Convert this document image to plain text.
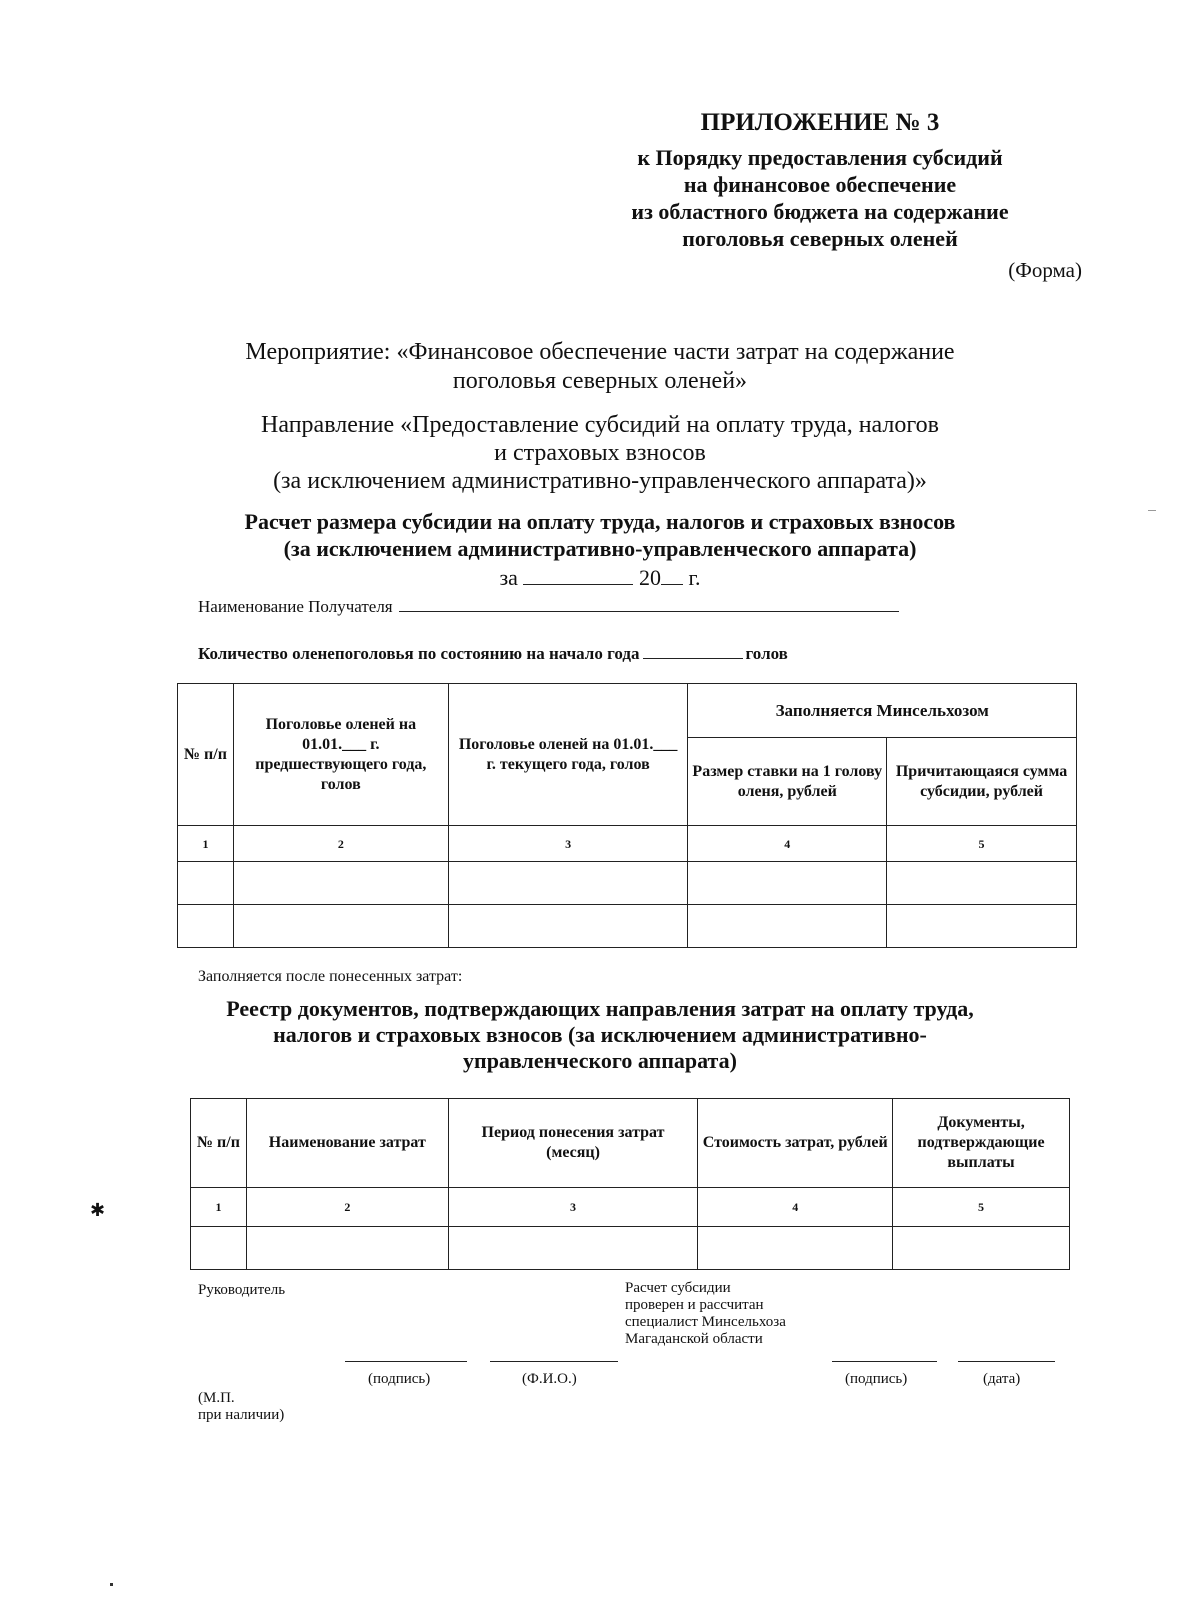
ПРИЛОЖЕНИЕ № 3
к Порядку предоставления субсидий
на финансовое обеспечение
из областного бюджета на содержание
поголовья северных оленей
(Форма)
Мероприятие: «Финансовое обеспечение части затрат на содержание
поголовья северных оленей»
Направление «Предоставление субсидий на оплату труда, налогов
и страховых взносов
(за исключением административно-управленческого аппарата)»
Расчет размера субсидии на оплату труда, налогов и страховых взносов
(за исключением административно-управленческого аппарата)
за	20 г.
Наименование Получателя
Количество оленепоголовья по состоянию на начало года	голов
№ п/п	Поголовье оленей на 01.01.___ г. предшествующего года, голов	Поголовье оленей на 01.01.___ г. текущего года, голов	Заполняется Минсельхозом	
			Размер ставки на 1 голову оленя, рублей	Причитающаяся сумма субсидии, рублей
1	2	3	4	5

Заполняется после понесенных затрат:
Реестр документов, подтверждающих направления затрат на оплату труда,
налогов и страховых взносов (за исключением административно-
управленческого аппарата)
№ п/п	Наименование затрат	Период понесения затрат (месяц)	Стоимость затрат, рублей	Документы, подтверждающие выплаты
1	2	3	4	5

Руководитель	Расчет субсидии
проверен и рассчитан
специалист Минсельхоза
Магаданской области
(подпись)	(Ф.И.О.)	(подпись)	(дата)
(М.П.
при наличии)
✱
